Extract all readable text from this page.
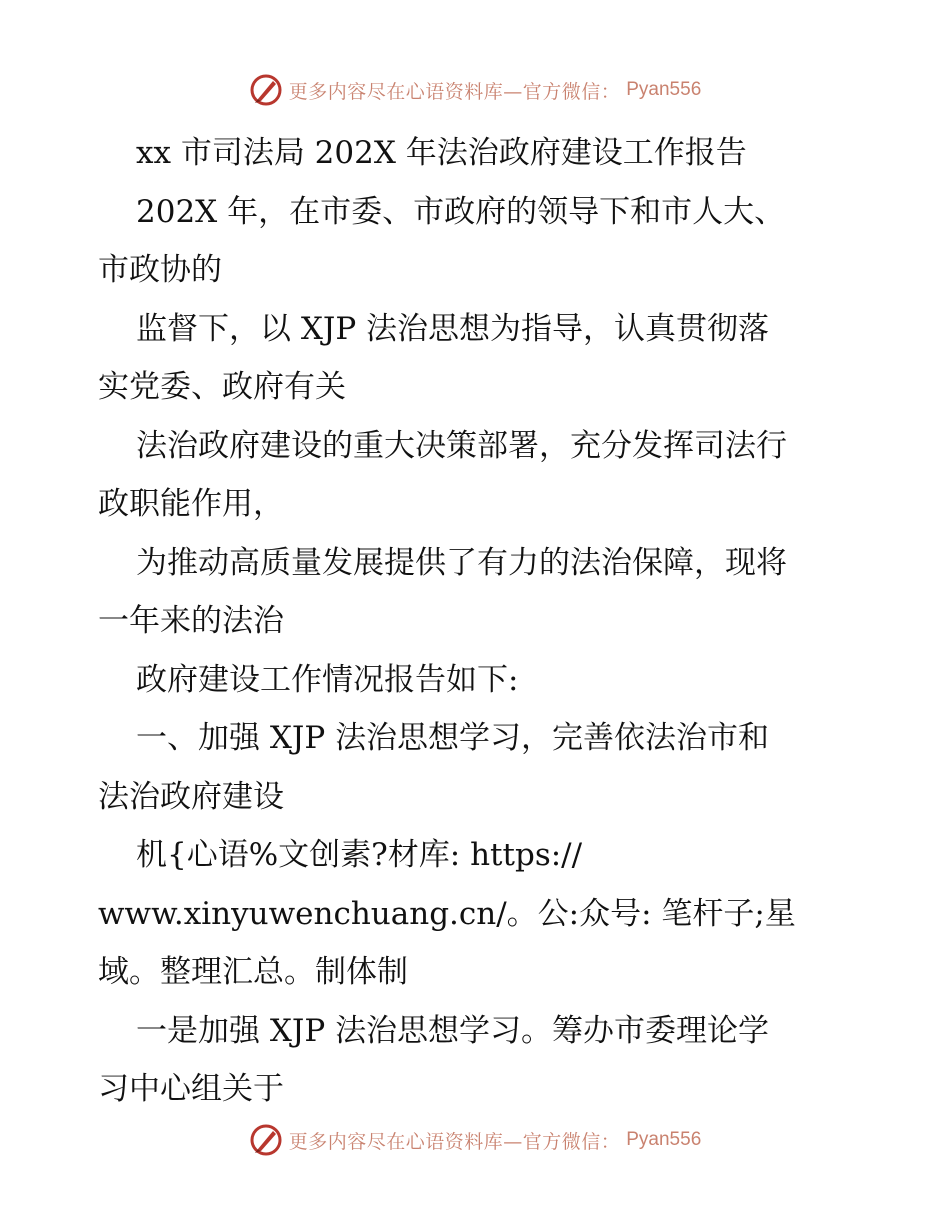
更多内容尽在心语资料库—官方微信： Pyan556
xx 市司法局 202X 年法治政府建设工作报告
202X 年，在市委、市政府的领导下和市人大、
市政协的
监督下，以 XJP 法治思想为指导，认真贯彻落
实党委、政府有关
法治政府建设的重大决策部署，充分发挥司法行
政职能作用，
为推动高质量发展提供了有力的法治保障，现将
一年来的法治
政府建设工作情况报告如下:
一、加强 XJP 法治思想学习，完善依法治市和
法治政府建设
机{心语%文创素?材库: https://
www.xinyuwenchuang.cn/。公:众号: 笔杆子;星
域。整理汇总。制体制
一是加强 XJP 法治思想学习。筹办市委理论学
习中心组关于
更多内容尽在心语资料库—官方微信： Pyan556
